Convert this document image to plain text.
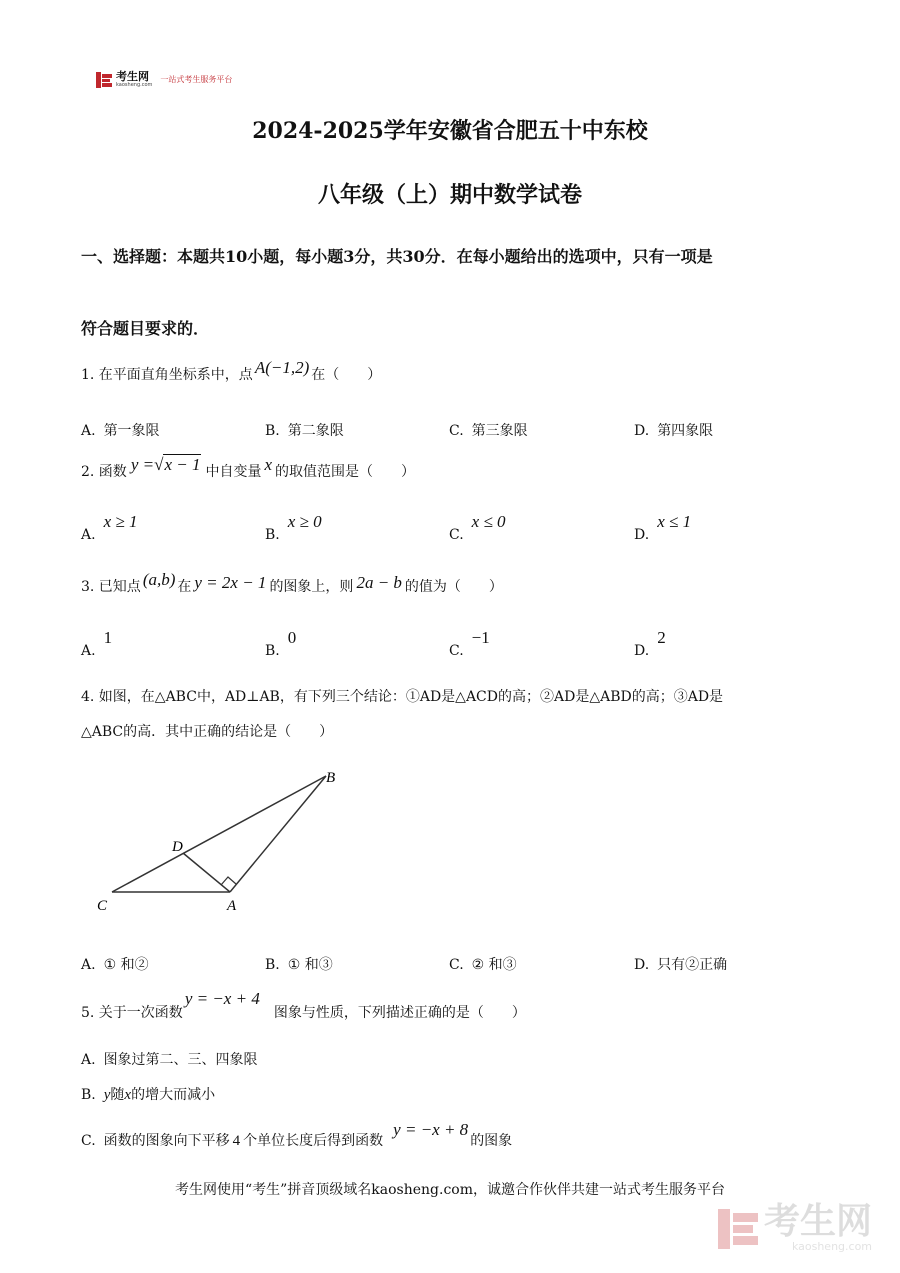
考生网
kaosheng.com
一站式考生服务平台
2024-2025学年安徽省合肥五十中东校
八年级（上）期中数学试卷
一、选择题：本题共10小题，每小题3分，共30分．在每小题给出的选项中，只有一项是
符合题目要求的．
1. 在平面直角坐标系中，点 A(−1,2) 在（　　）
A. 第一象限	B. 第二象限	C. 第三象限	D. 第四象限
2. 函数 y =√x − 1 中自变量 x 的取值范围是（　　）
A.x ≥ 1
B.x ≥ 0
C.x ≤ 0
D.x ≤ 1
3. 已知点 (a,b) 在 y = 2x − 1 的图象上，则 2a − b 的值为（　　）
A.1
B.0
C.−1
D.2
4. 如图，在△ABC中，AD⊥AB，有下列三个结论：①AD是△ACD的高；②AD是△ABD的高；③AD是
△ABC的高．其中正确的结论是（　　）
B
D
C	A
A. ① 和②	B. ① 和③	C. ② 和③	D. 只有②正确
5. 关于一次函数y = −x + 4图象与性质，下列描述正确的是（　　）
A. 图象过第二、三、四象限
B. y随x的增大而减小
C. 函数的图象向下平移 4 个单位长度后得到函数y = −x + 8的图象
考生网使用“考生”拼音顶级域名kaosheng.com，诚邀合作伙伴共建一站式考生服务平台
考生网
kaosheng.com
